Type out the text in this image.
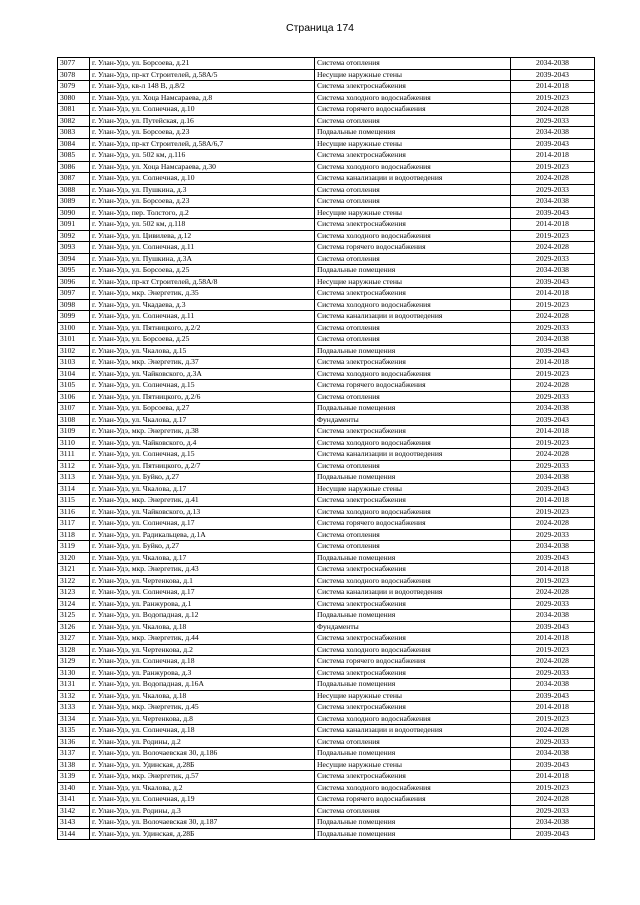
Страница 174
3077	г. Улан-Удэ, ул. Борсоева, д.21	Система отопления	2034-2038
3078	г. Улан-Удэ, пр-кт Строителей, д.58А/5	Несущие наружные стены	2039-2043
3079	г. Улан-Удэ, кв-л 148 В, д.8/2	Система электроснабжения	2014-2018
3080	г. Улан-Удэ, ул. Хоца Намсараева, д.8	Система холодного водоснабжения	2019-2023
3081	г. Улан-Удэ, ул. Солнечная, д.10	Система горячего водоснабжения	2024-2028
3082	г. Улан-Удэ, ул. Путейская, д.16	Система отопления	2029-2033
3083	г. Улан-Удэ, ул. Борсоева, д.23	Подвальные помещения	2034-2038
3084	г. Улан-Удэ, пр-кт Строителей, д.58А/6,7	Несущие наружные стены	2039-2043
3085	г. Улан-Удэ, ул. 502 км, д.116	Система электроснабжения	2014-2018
3086	г. Улан-Удэ, ул. Хоца Намсараева, д.30	Система холодного водоснабжения	2019-2023
3087	г. Улан-Удэ, ул. Солнечная, д.10	Система канализации и водоотведения	2024-2028
3088	г. Улан-Удэ, ул. Пушкина, д.3	Система отопления	2029-2033
3089	г. Улан-Удэ, ул. Борсоева, д.23	Система отопления	2034-2038
3090	г. Улан-Удэ, пер. Толстого, д.2	Несущие наружные стены	2039-2043
3091	г. Улан-Удэ, ул. 502 км, д.118	Система электроснабжения	2014-2018
3092	г. Улан-Удэ, ул. Цивилева, д.12	Система холодного водоснабжения	2019-2023
3093	г. Улан-Удэ, ул. Солнечная, д.11	Система горячего водоснабжения	2024-2028
3094	г. Улан-Удэ, ул. Пушкина, д.3А	Система отопления	2029-2033
3095	г. Улан-Удэ, ул. Борсоева, д.25	Подвальные помещения	2034-2038
3096	г. Улан-Удэ, пр-кт Строителей, д.58А/8	Несущие наружные стены	2039-2043
3097	г. Улан-Удэ, мкр. Энергетик, д.35	Система электроснабжения	2014-2018
3098	г. Улан-Удэ, ул. Чкадаева, д.3	Система холодного водоснабжения	2019-2023
3099	г. Улан-Удэ, ул. Солнечная, д.11	Система канализации и водоотведения	2024-2028
3100	г. Улан-Удэ, ул. Пятницкого, д.2/2	Система отопления	2029-2033
3101	г. Улан-Удэ, ул. Борсоева, д.25	Система отопления	2034-2038
3102	г. Улан-Удэ, ул. Чкалова, д.15	Подвальные помещения	2039-2043
3103	г. Улан-Удэ, мкр. Энергетик, д.37	Система электроснабжения	2014-2018
3104	г. Улан-Удэ, ул. Чайковского, д.3А	Система холодного водоснабжения	2019-2023
3105	г. Улан-Удэ, ул. Солнечная, д.15	Система горячего водоснабжения	2024-2028
3106	г. Улан-Удэ, ул. Пятницкого, д.2/6	Система отопления	2029-2033
3107	г. Улан-Удэ, ул. Борсоева, д.27	Подвальные помещения	2034-2038
3108	г. Улан-Удэ, ул. Чкалова, д.17	Фундаменты	2039-2043
3109	г. Улан-Удэ, мкр. Энергетик, д.38	Система электроснабжения	2014-2018
3110	г. Улан-Удэ, ул. Чайковского, д.4	Система холодного водоснабжения	2019-2023
3111	г. Улан-Удэ, ул. Солнечная, д.15	Система канализации и водоотведения	2024-2028
3112	г. Улан-Удэ, ул. Пятницкого, д.2/7	Система отопления	2029-2033
3113	г. Улан-Удэ, ул. Буйко, д.27	Подвальные помещения	2034-2038
3114	г. Улан-Удэ, ул. Чкалова, д.17	Несущие наружные стены	2039-2043
3115	г. Улан-Удэ, мкр. Энергетик, д.41	Система электроснабжения	2014-2018
3116	г. Улан-Удэ, ул. Чайковского, д.13	Система холодного водоснабжения	2019-2023
3117	г. Улан-Удэ, ул. Солнечная, д.17	Система горячего водоснабжения	2024-2028
3118	г. Улан-Удэ, ул. Радикальцева, д.1А	Система отопления	2029-2033
3119	г. Улан-Удэ, ул. Буйко, д.27	Система отопления	2034-2038
3120	г. Улан-Удэ, ул. Чкалова, д.17	Подвальные помещения	2039-2043
3121	г. Улан-Удэ, мкр. Энергетик, д.43	Система электроснабжения	2014-2018
3122	г. Улан-Удэ, ул. Чертенкова, д.1	Система холодного водоснабжения	2019-2023
3123	г. Улан-Удэ, ул. Солнечная, д.17	Система канализации и водоотведения	2024-2028
3124	г. Улан-Удэ, ул. Ранжурова, д.1	Система электроснабжения	2029-2033
3125	г. Улан-Удэ, ул. Водопадная, д.12	Подвальные помещения	2034-2038
3126	г. Улан-Удэ, ул. Чкалова, д.18	Фундаменты	2039-2043
3127	г. Улан-Удэ, мкр. Энергетик, д.44	Система электроснабжения	2014-2018
3128	г. Улан-Удэ, ул. Чертенкова, д.2	Система холодного водоснабжения	2019-2023
3129	г. Улан-Удэ, ул. Солнечная, д.18	Система горячего водоснабжения	2024-2028
3130	г. Улан-Удэ, ул. Ранжурова, д.3	Система электроснабжения	2029-2033
3131	г. Улан-Удэ, ул. Водопадная, д.16А	Подвальные помещения	2034-2038
3132	г. Улан-Удэ, ул. Чкалова, д.18	Несущие наружные стены	2039-2043
3133	г. Улан-Удэ, мкр. Энергетик, д.45	Система электроснабжения	2014-2018
3134	г. Улан-Удэ, ул. Чертенкова, д.8	Система холодного водоснабжения	2019-2023
3135	г. Улан-Удэ, ул. Солнечная, д.18	Система канализации и водоотведения	2024-2028
3136	г. Улан-Удэ, ул. Родины, д.2	Система отопления	2029-2033
3137	г. Улан-Удэ, ул. Волочаевская 30, д.186	Подвальные помещения	2034-2038
3138	г. Улан-Удэ, ул. Удинская, д.28Б	Несущие наружные стены	2039-2043
3139	г. Улан-Удэ, мкр. Энергетик, д.57	Система электроснабжения	2014-2018
3140	г. Улан-Удэ, ул. Чкалова, д.2	Система холодного водоснабжения	2019-2023
3141	г. Улан-Удэ, ул. Солнечная, д.19	Система горячего водоснабжения	2024-2028
3142	г. Улан-Удэ, ул. Родины, д.3	Система отопления	2029-2033
3143	г. Улан-Удэ, ул. Волочаевская 30, д.187	Подвальные помещения	2034-2038
3144	г. Улан-Удэ, ул. Удинская, д.28Б	Подвальные помещения	2039-2043
